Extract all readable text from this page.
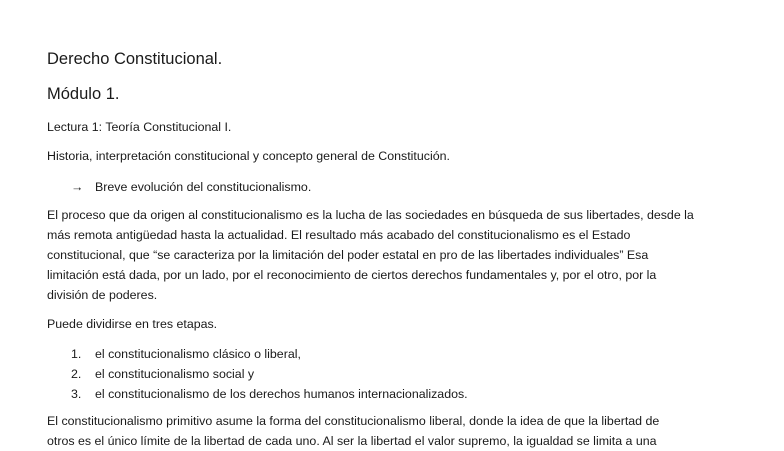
Derecho Constitucional.
Módulo 1.
Lectura 1: Teoría Constitucional I.
Historia, interpretación constitucional y concepto general de Constitución.
→ Breve evolución del constitucionalismo.
El proceso que da origen al constitucionalismo es la lucha de las sociedades en búsqueda de sus libertades, desde la
más remota antigüedad hasta la actualidad. El resultado más acabado del constitucionalismo es el Estado
constitucional, que “se caracteriza por la limitación del poder estatal en pro de las libertades individuales” Esa
limitación está dada, por un lado, por el reconocimiento de ciertos derechos fundamentales y, por el otro, por la
división de poderes.
Puede dividirse en tres etapas.
1. el constitucionalismo clásico o liberal,
2. el constitucionalismo social y
3. el constitucionalismo de los derechos humanos internacionalizados.
El constitucionalismo primitivo asume la forma del constitucionalismo liberal, donde la idea de que la libertad de
otros es el único límite de la libertad de cada uno. Al ser la libertad el valor supremo, la igualdad se limita a una
